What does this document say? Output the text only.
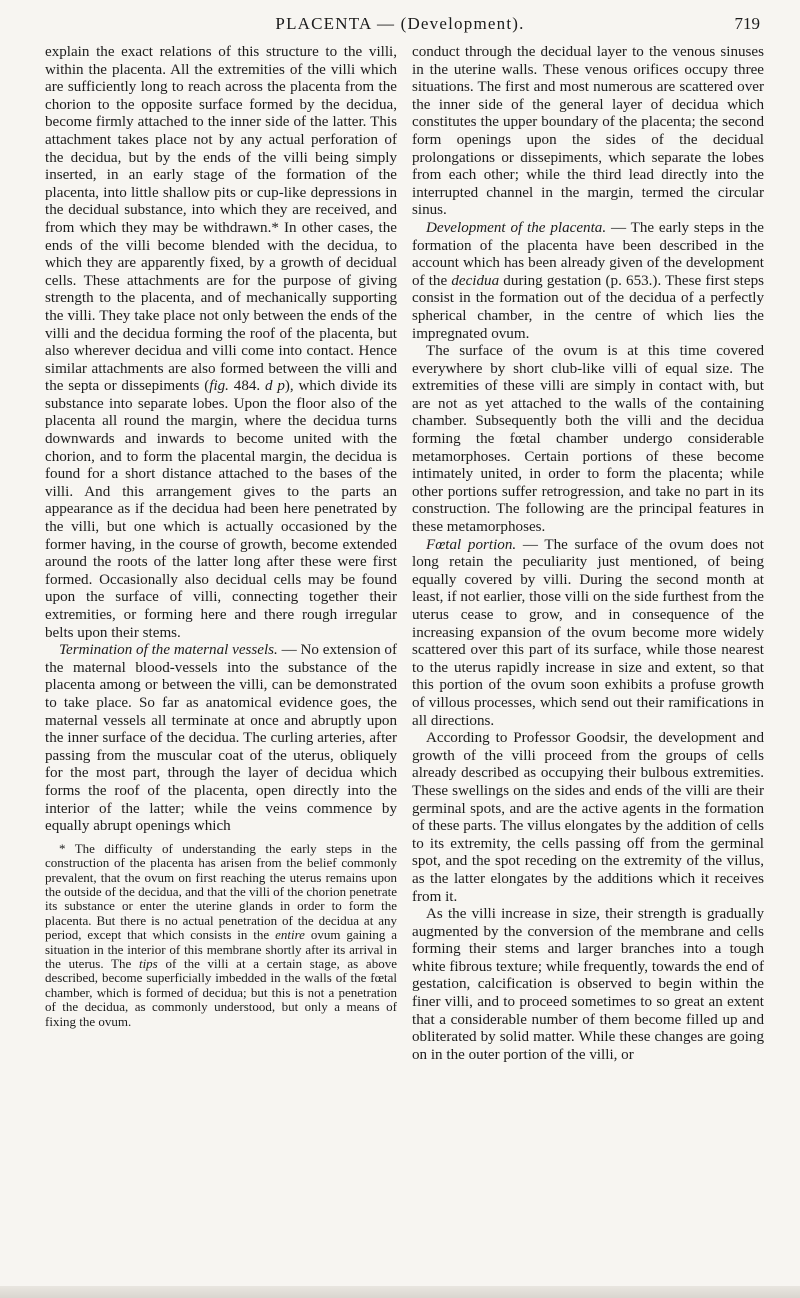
PLACENTA — (Development).	719

explain the exact relations of this structure to the villi, within the placenta. All the extremities of the villi which are sufficiently long to reach across the placenta from the chorion to the opposite surface formed by the decidua, become firmly attached to the inner side of the latter. This attachment takes place not by any actual perforation of the decidua, but by the ends of the villi being simply inserted, in an early stage of the formation of the placenta, into little shallow pits or cup-like depressions in the decidual substance, into which they are received, and from which they may be withdrawn.* In other cases, the ends of the villi become blended with the decidua, to which they are apparently fixed, by a growth of decidual cells. These attachments are for the purpose of giving strength to the placenta, and of mechanically supporting the villi. They take place not only between the ends of the villi and the decidua forming the roof of the placenta, but also wherever decidua and villi come into contact. Hence similar attachments are also formed between the villi and the septa or dissepiments (fig. 484. d p), which divide its substance into separate lobes. Upon the floor also of the placenta all round the margin, where the decidua turns downwards and inwards to become united with the chorion, and to form the placental margin, the decidua is found for a short distance attached to the bases of the villi. And this arrangement gives to the parts an appearance as if the decidua had been here penetrated by the villi, but one which is actually occasioned by the former having, in the course of growth, become extended around the roots of the latter long after these were first formed. Occasionally also decidual cells may be found upon the surface of villi, connecting together their extremities, or forming here and there rough irregular belts upon their stems.

Termination of the maternal vessels. — No extension of the maternal blood-vessels into the substance of the placenta among or between the villi, can be demonstrated to take place. So far as anatomical evidence goes, the maternal vessels all terminate at once and abruptly upon the inner surface of the decidua. The curling arteries, after passing from the muscular coat of the uterus, obliquely for the most part, through the layer of decidua which forms the roof of the placenta, open directly into the interior of the latter; while the veins commence by equally abrupt openings which

* The difficulty of understanding the early steps in the construction of the placenta has arisen from the belief commonly prevalent, that the ovum on first reaching the uterus remains upon the outside of the decidua, and that the villi of the chorion penetrate its substance or enter the uterine glands in order to form the placenta. But there is no actual penetration of the decidua at any period, except that which consists in the entire ovum gaining a situation in the interior of this membrane shortly after its arrival in the uterus. The tips of the villi at a certain stage, as above described, become superficially imbedded in the walls of the fœtal chamber, which is formed of decidua; but this is not a penetration of the decidua, as commonly understood, but only a means of fixing the ovum.

conduct through the decidual layer to the venous sinuses in the uterine walls. These venous orifices occupy three situations. The first and most numerous are scattered over the inner side of the general layer of decidua which constitutes the upper boundary of the placenta; the second form openings upon the sides of the decidual prolongations or dissepiments, which separate the lobes from each other; while the third lead directly into the interrupted channel in the margin, termed the circular sinus.

Development of the placenta. — The early steps in the formation of the placenta have been described in the account which has been already given of the development of the decidua during gestation (p. 653.). These first steps consist in the formation out of the decidua of a perfectly spherical chamber, in the centre of which lies the impregnated ovum.

The surface of the ovum is at this time covered everywhere by short club-like villi of equal size. The extremities of these villi are simply in contact with, but are not as yet attached to the walls of the containing chamber. Subsequently both the villi and the decidua forming the fœtal chamber undergo considerable metamorphoses. Certain portions of these become intimately united, in order to form the placenta; while other portions suffer retrogression, and take no part in its construction. The following are the principal features in these metamorphoses.

Fœtal portion. — The surface of the ovum does not long retain the peculiarity just mentioned, of being equally covered by villi. During the second month at least, if not earlier, those villi on the side furthest from the uterus cease to grow, and in consequence of the increasing expansion of the ovum become more widely scattered over this part of its surface, while those nearest to the uterus rapidly increase in size and extent, so that this portion of the ovum soon exhibits a profuse growth of villous processes, which send out their ramifications in all directions.

According to Professor Goodsir, the development and growth of the villi proceed from the groups of cells already described as occupying their bulbous extremities. These swellings on the sides and ends of the villi are their germinal spots, and are the active agents in the formation of these parts. The villus elongates by the addition of cells to its extremity, the cells passing off from the germinal spot, and the spot receding on the extremity of the villus, as the latter elongates by the additions which it receives from it.

As the villi increase in size, their strength is gradually augmented by the conversion of the membrane and cells forming their stems and larger branches into a tough white fibrous texture; while frequently, towards the end of gestation, calcification is observed to begin within the finer villi, and to proceed sometimes to so great an extent that a considerable number of them become filled up and obliterated by solid matter. While these changes are going on in the outer portion of the villi, or
